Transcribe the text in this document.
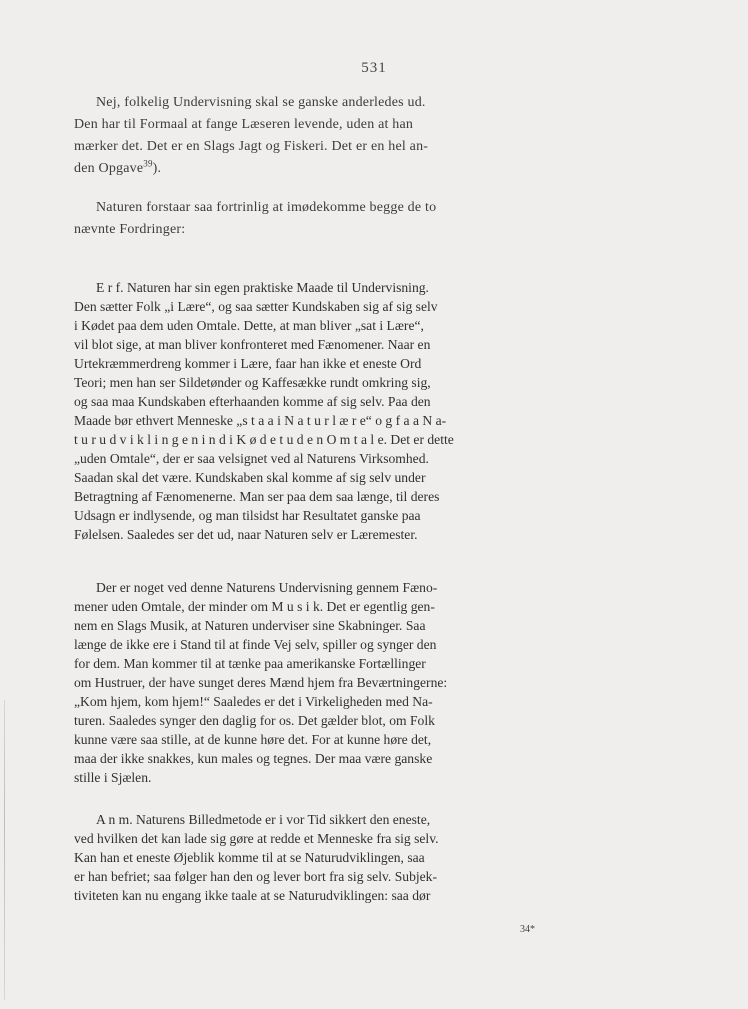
531
Nej, folkelig Undervisning skal se ganske anderledes ud.
Den har til Formaal at fange Læseren levende, uden at han
mærker det. Det er en Slags Jagt og Fiskeri. Det er en hel an-
den Opgave$^{39}$).
Naturen forstaar saa fortrinlig at imødekomme begge de to
nævnte Fordringer:
E r f. Naturen har sin egen praktiske Maade til Undervisning.
Den sætter Folk „i Lære“, og saa sætter Kundskaben sig af sig selv
i Kødet paa dem uden Omtale. Dette, at man bliver „sat i Lære“,
vil blot sige, at man bliver konfronteret med Fænomener. Naar en
Urtekræmmerdreng kommer i Lære, faar han ikke et eneste Ord
Teori; men han ser Sildetønder og Kaffesække rundt omkring sig,
og saa maa Kundskaben efterhaanden komme af sig selv. Paa den
Maade bør ethvert Menneske „s t a a i N a t u r l æ r e“ o g f a a N a-
t u r u d v i k l i n g e n i n d i K ø d e t u d e n O m t a l e. Det er dette
„uden Omtale“, der er saa velsignet ved al Naturens Virksomhed.
Saadan skal det være. Kundskaben skal komme af sig selv under
Betragtning af Fænomenerne. Man ser paa dem saa længe, til deres
Udsagn er indlysende, og man tilsidst har Resultatet ganske paa
Følelsen. Saaledes ser det ud, naar Naturen selv er Læremester.
Der er noget ved denne Naturens Undervisning gennem Fæno-
mener uden Omtale, der minder om M u s i k. Det er egentlig gen-
nem en Slags Musik, at Naturen underviser sine Skabninger. Saa
længe de ikke ere i Stand til at finde Vej selv, spiller og synger den
for dem. Man kommer til at tænke paa amerikanske Fortællinger
om Hustruer, der have sunget deres Mænd hjem fra Beværtningerne:
„Kom hjem, kom hjem!“ Saaledes er det i Virkeligheden med Na-
turen. Saaledes synger den daglig for os. Det gælder blot, om Folk
kunne være saa stille, at de kunne høre det. For at kunne høre det,
maa der ikke snakkes, kun males og tegnes. Der maa være ganske
stille i Sjælen.
A n m. Naturens Billedmetode er i vor Tid sikkert den eneste,
ved hvilken det kan lade sig gøre at redde et Menneske fra sig selv.
Kan han et eneste Øjeblik komme til at se Naturudviklingen, saa
er han befriet; saa følger han den og lever bort fra sig selv. Subjek-
tiviteten kan nu engang ikke taale at se Naturudviklingen: saa dør
34*
